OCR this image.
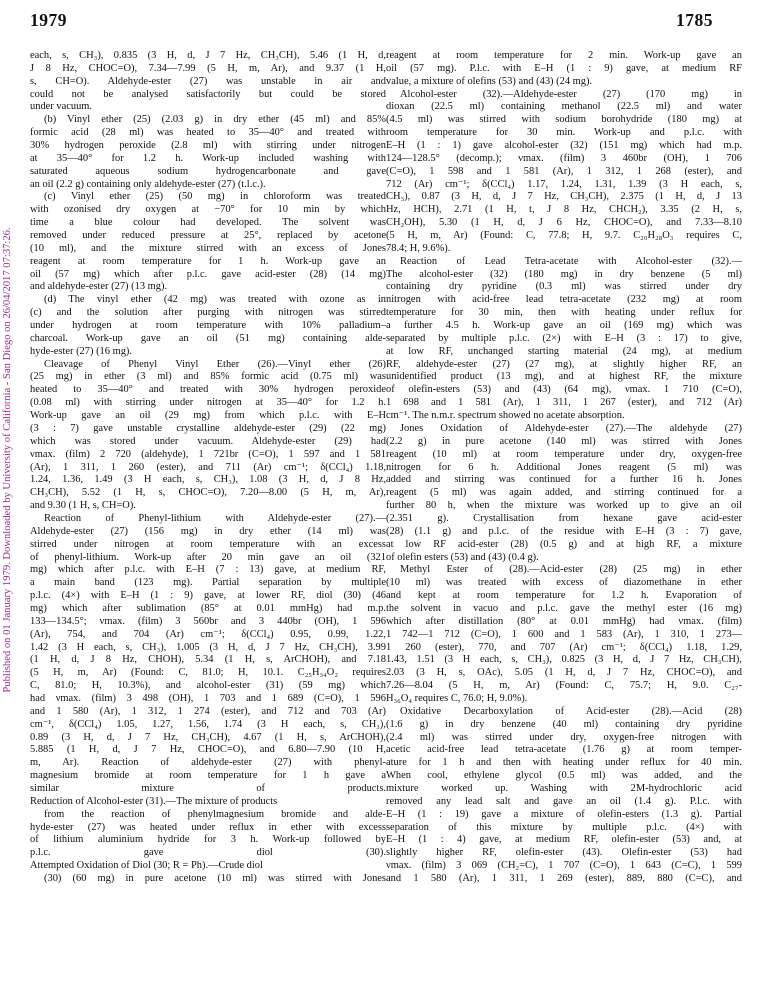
1979	1785
Published on 01 January 1979. Downloaded by University of California - San Diego on 26/04/2017 07:37:26.
each, s, CH₃), 0.835 (3 H, d, J 7 Hz, CH₃CH), 5.46 (1 H, d,
J 8 Hz, CHOC=O), 7.34—7.99 (5 H, m, Ar), and 9.37 (1 H,
s, CH=O). Aldehyde-ester (27) was unstable in air and
could not be analysed satisfactorily but could be stored
under vacuum.
(b) Vinyl ether (25) (2.03 g) in dry ether (45 ml) and 85%
formic acid (28 ml) was heated to 35—40° and treated with
30% hydrogen peroxide (2.8 ml) with stirring under nitrogen
at 35—40° for 1.2 h. Work-up included washing with
saturated aqueous sodium hydrogencarbonate and gave
an oil (2.2 g) containing only aldehyde-ester (27) (t.l.c.).
(c) Vinyl ether (25) (50 mg) in chloroform was treated
with ozonised dry oxygen at −70° for 10 min by which
time a blue colour had developed. The solvent was
removed under reduced pressure at 25°, replaced by acetone
(10 ml), and the mixture stirred with an excess of Jones
reagent at room temperature for 1 h. Work-up gave an
oil (57 mg) which after p.l.c. gave acid-ester (28) (14 mg)
and aldehyde-ester (27) (13 mg).
(d) The vinyl ether (42 mg) was treated with ozone as in
(c) and the solution after purging with nitrogen was stirred
under hydrogen at room temperature with 10% palladium–
charcoal. Work-up gave an oil (51 mg) containing alde-
hyde-ester (27) (16 mg).
Cleavage of Phenyl Vinyl Ether (26).—Vinyl ether (26)
(25 mg) in ether (3 ml) and 85% formic acid (0.75 ml) was
heated to 35—40° and treated with 30% hydrogen peroxide
(0.08 ml) with stirring under nitrogen at 35—40° for 1.2 h.
Work-up gave an oil (29 mg) from which p.l.c. with E–H
(3 : 7) gave unstable crystalline aldehyde-ester (29) (22 mg)
which was stored under vacuum. Aldehyde-ester (29) had
νmax. (film) 2 720 (aldehyde), 1 721br (C=O), 1 597 and 1 581
(Ar), 1 311, 1 260 (ester), and 711 (Ar) cm⁻¹; δ(CCl₄) 1.18,
1.24, 1.36, 1.49 (3 H each, s, CH₃), 1.08 (3 H, d, J 8 Hz,
CH₃CH), 5.52 (1 H, s, CHOC=O), 7.20—8.00 (5 H, m, Ar),
and 9.30 (1 H, s, CH=O).
Reaction of Phenyl-lithium with Aldehyde-ester (27).—
Aldehyde-ester (27) (156 mg) in dry ether (14 ml) was
stirred under nitrogen at room temperature with an excess
of phenyl-lithium. Work-up after 20 min gave an oil (321
mg) which after p.l.c. with E–H (7 : 13) gave, at medium RF,
a main band (123 mg). Partial separation by multiple
p.l.c. (4×) with E–H (1 : 9) gave, at lower RF, diol (30) (46
mg) which after sublimation (85° at 0.01 mmHg) had m.p.
133—134.5°; νmax. (film) 3 560br and 3 440br (OH), 1 596
(Ar), 754, and 704 (Ar) cm⁻¹; δ(CCl₄) 0.95, 0.99, 1.22,
1.42 (3 H each, s, CH₃), 1.005 (3 H, d, J 7 Hz, CH₃CH), 3.99
(1 H, d, J 8 Hz, CHOH), 5.34 (1 H, s, ArCHOH), and 7.18
(5 H, m, Ar) (Found: C, 81.0; H, 10.1. C₂₅H₃₄O₂ requires
C, 81.0; H, 10.3%), and alcohol-ester (31) (59 mg) which
had νmax. (film) 3 498 (OH), 1 703 and 1 689 (C=O), 1 596
and 1 580 (Ar), 1 312, 1 274 (ester), and 712 and 703 (Ar)
cm⁻¹, δ(CCl₄) 1.05, 1.27, 1.56, 1.74 (3 H each, s, CH₃),
0.89 (3 H, d, J 7 Hz, CH₃CH), 4.67 (1 H, s, ArCHOH),
5.885 (1 H, d, J 7 Hz, CHOC=O), and 6.80—7.90 (10 H,
m, Ar). Reaction of aldehyde-ester (27) with phenyl-
magnesium bromide at room temperature for 1 h gave a
similar mixture of products.
Reduction of Alcohol-ester (31).—The mixture of products
from the reaction of phenylmagnesium bromide and alde-
hyde-ester (27) was heated under reflux in ether with excess
of lithium aluminium hydride for 3 h. Work-up followed by
p.l.c. gave diol (30).
Attempted Oxidation of Diol (30; R = Ph).—Crude diol
(30) (60 mg) in pure acetone (10 ml) was stirred with Jones
reagent at room temperature for 2 min. Work-up gave an
oil (57 mg). P.l.c. with E–H (1 : 9) gave, at medium RF
value, a mixture of olefins (53) and (43) (24 mg).
Alcohol-ester (32).—Aldehyde-ester (27) (170 mg) in
dioxan (22.5 ml) containing methanol (22.5 ml) and water
(4.5 ml) was stirred with sodium borohydride (180 mg) at
room temperature for 30 min. Work-up and p.l.c. with
E–H (1 : 1) gave alcohol-ester (32) (151 mg) which had m.p.
124—128.5° (decomp.); νmax. (film) 3 460br (OH), 1 706
(C=O), 1 598 and 1 581 (Ar), 1 312, 1 268 (ester), and
712 (Ar) cm⁻¹; δ(CCl₄) 1.17, 1.24, 1.31, 1.39 (3 H each, s,
CH₃), 0.87 (3 H, d, J 7 Hz, CH₃CH), 2.375 (1 H, d, J 13
Hz, HCH), 2.71 (1 H, t, J 8 Hz, CHCH₂), 3.35 (2 H, s,
CH₂OH), 5.30 (1 H, d, J 6 Hz, CHOC=O), and 7.33—8.10
(5 H, m, Ar) (Found: C, 77.8; H, 9.7. C₂₀H₂₈O₃ requires C,
78.4; H, 9.6%).
Reaction of Lead Tetra-acetate with Alcohol-ester (32).—
The alcohol-ester (32) (180 mg) in dry benzene (5 ml)
containing dry pyridine (0.3 ml) was stirred under dry
nitrogen with acid-free lead tetra-acetate (232 mg) at room
temperature for 30 min, then with heating under reflux for
a further 4.5 h. Work-up gave an oil (169 mg) which was
separated by multiple p.l.c. (2×) with E–H (3 : 17) to give,
at low RF, unchanged starting material (24 mg), at medium
RF, aldehyde-ester (27) (27 mg), at slightly higher RF, an
unidentified product (13 mg), and at highest RF, the mixture
of olefin-esters (53) and (43) (64 mg), νmax. 1 710 (C=O),
1 698 and 1 581 (Ar), 1 311, 1 267 (ester), and 712 (Ar)
cm⁻¹. The n.m.r. spectrum showed no acetate absorption.
Jones Oxidation of Aldehyde-ester (27).—The aldehyde (27)
(2.2 g) in pure acetone (140 ml) was stirred with Jones
reagent (10 ml) at room temperature under dry, oxygen-free
nitrogen for 6 h. Additional Jones reagent (5 ml) was
added and stirring was continued for a further 16 h. Jones
reagent (5 ml) was again added, and stirring continued for a
further 80 h, when the mixture was worked up to give an oil
(2.351 g). Crystallisation from hexane gave acid-ester
(28) (1.1 g) and p.l.c. of the residue with E–H (3 : 7) gave,
at low RF acid-ester (28) (0.5 g) and at high RF, a mixture
of olefin esters (53) and (43) (0.4 g).
Methyl Ester of (28).—Acid-ester (28) (25 mg) in ether
(10 ml) was treated with excess of diazomethane in ether
and kept at room temperature for 1.2 h. Evaporation of
the solvent in vacuo and p.l.c. gave the methyl ester (16 mg)
which after distillation (80° at 0.01 mmHg) had νmax. (film)
1 742—1 712 (C=O), 1 600 and 1 583 (Ar), 1 310, 1 273—
1 260 (ester), 770, and 707 (Ar) cm⁻¹; δ(CCl₄) 1.18, 1.29,
1.43, 1.51 (3 H each, s, CH₃), 0.825 (3 H, d, J 7 Hz, CH₃CH),
2.03 (3 H, s, OAc), 5.05 (1 H, d, J 7 Hz, CHOC=O), and
7.26—8.04 (5 H, m, Ar) (Found: C, 75.7; H, 9.0. C₂₇-
H₃₆O₄ requires C, 76.0; H, 9.0%).
Oxidative Decarboxylation of Acid-ester (28).—Acid (28)
(1.6 g) in dry benzene (40 ml) containing dry pyridine
(2.4 ml) was stirred under dry, oxygen-free nitrogen with
acetic acid-free lead tetra-acetate (1.76 g) at room temper-
ature for 1 h and then with heating under reflux for 40 min.
When cool, ethylene glycol (0.5 ml) was added, and the
mixture worked up. Washing with 2M-hydrochloric acid
removed any lead salt and gave an oil (1.4 g). P.l.c. with
E–H (1 : 19) gave a mixture of olefin-esters (1.3 g). Partial
separation of this mixture by multiple p.l.c. (4×) with
E–H (1 : 4) gave, at medium RF, olefin-ester (53) and, at
slightly higher RF, olefin-ester (43). Olefin-ester (53) had
νmax. (film) 3 069 (CH₂=C), 1 707 (C=O), 1 643 (C=C), 1 599
and 1 580 (Ar), 1 311, 1 269 (ester), 889, 880 (C=C), and
